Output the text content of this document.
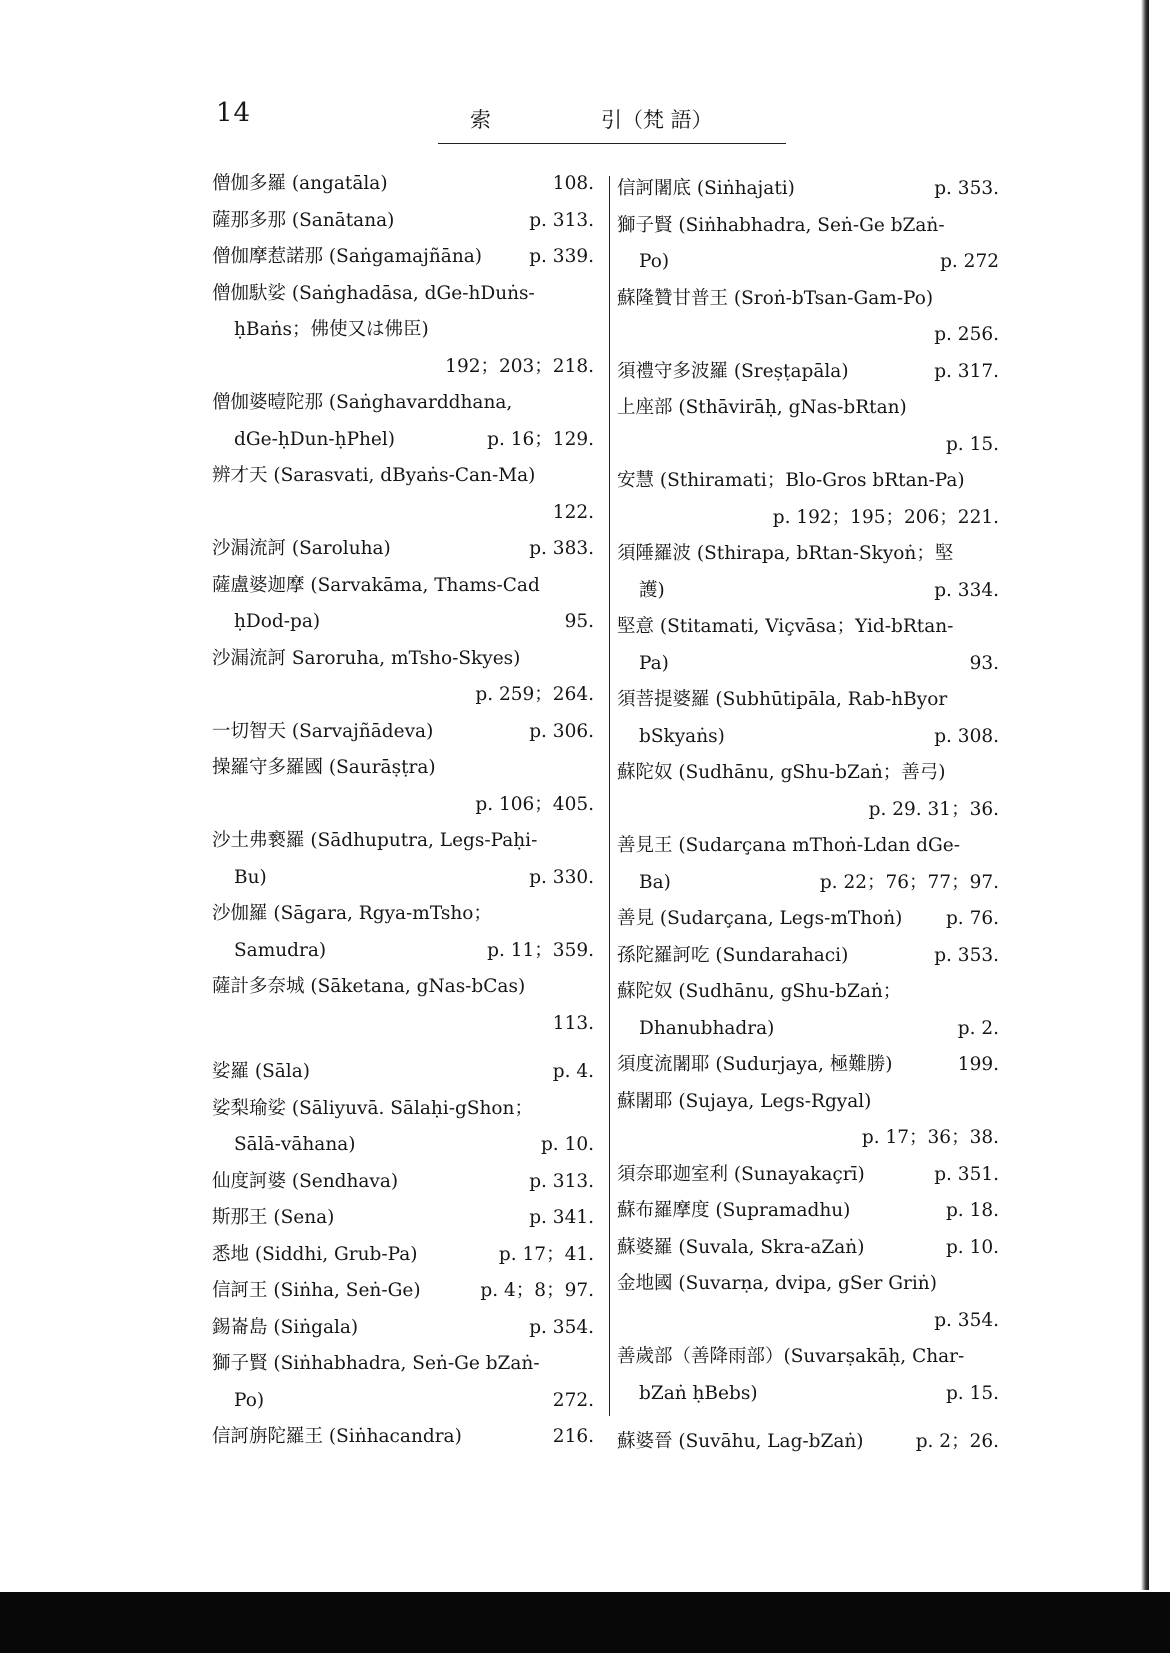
14	索	引（梵 語）
僧伽多羅 (angatāla)	108.
薩那多那 (Sanātana)	p. 313.
僧伽摩惹諾那 (Saṅgamajñāna)	p. 339.
僧伽馱娑 (Saṅghadāsa, dGe-hDuṅs-
ḥBaṅs；佛使又は佛臣)
192；203；218.
僧伽婆曀陀那 (Saṅghavarddhana,
dGe-ḥDun-ḥPhel)	p. 16；129.
辨才天 (Sarasvati, dByaṅs-Can-Ma)
122.
沙漏流訶 (Saroluha)	p. 383.
薩盧婆迦摩 (Sarvakāma, Thams-Cad
ḥDod-pa)	95.
沙漏流訶 Saroruha, mTsho-Skyes)
p. 259；264.
一切智天 (Sarvajñādeva)	p. 306.
操羅守多羅國 (Saurāṣṭra)
p. 106；405.
沙土弗䙝羅 (Sādhuputra, Legs-Paḥi-
Bu)	p. 330.
沙伽羅 (Sāgara, Rgya-mTsho；
Samudra)	p. 11；359.
薩計多奈城 (Sāketana, gNas-bCas)
113.
娑羅 (Sāla)	p. 4.
娑梨瑜娑 (Sāliyuvā. Sālaḥi-gShon；
Sālā-vāhana)	p. 10.
仙度訶婆 (Sendhava)	p. 313.
斯那王 (Sena)	p. 341.
悉地 (Siddhi, Grub-Pa)	p. 17；41.
信訶王 (Siṅha, Seṅ-Ge)	p. 4；8；97.
錫崙島 (Siṅgala)	p. 354.
獅子賢 (Siṅhabhadra, Seṅ-Ge bZaṅ-
Po)	272.
信訶旃陀羅王 (Siṅhacandra)	216.
信訶闍底 (Siṅhajati)	p. 353.
獅子賢 (Siṅhabhadra, Seṅ-Ge bZaṅ-
Po)	p. 272
蘇隆贊甘普王 (Sroṅ-bTsan-Gam-Po)
p. 256.
須禮守多波羅 (Sreṣṭapāla)	p. 317.
上座部 (Sthāvirāḥ, gNas-bRtan)
p. 15.
安慧 (Sthiramati；Blo-Gros bRtan-Pa)
p. 192；195；206；221.
須陲羅波 (Sthirapa, bRtan-Skyoṅ；堅
護)	p. 334.
堅意 (Stitamati, Viçvāsa；Yid-bRtan-
Pa)	93.
須菩提婆羅 (Subhūtipāla, Rab-hByor
bSkyaṅs)	p. 308.
蘇陀奴 (Sudhānu, gShu-bZaṅ；善弓)
p. 29. 31；36.
善見王 (Sudarçana mThoṅ-Ldan dGe-
Ba)	p. 22；76；77；97.
善見 (Sudarçana, Legs-mThoṅ) p. 76.
孫陀羅訶吃 (Sundarahaci)	p. 353.
蘇陀奴 (Sudhānu, gShu-bZaṅ；
Dhanubhadra)	p. 2.
須度流闍耶 (Sudurjaya, 極難勝)	199.
蘇闍耶 (Sujaya, Legs-Rgyal)
p. 17；36；38.
須奈耶迦室利 (Sunayakaçrī)	p. 351.
蘇布羅摩度 (Supramadhu)	p. 18.
蘇婆羅 (Suvala, Skra-aZaṅ)	p. 10.
金地國 (Suvarṇa, dvipa, gSer Griṅ)
p. 354.
善歲部（善降雨部）(Suvarṣakāḥ, Char-
bZaṅ ḥBebs)	p. 15.
蘇婆晉 (Suvāhu, Lag-bZaṅ)	p. 2；26.
